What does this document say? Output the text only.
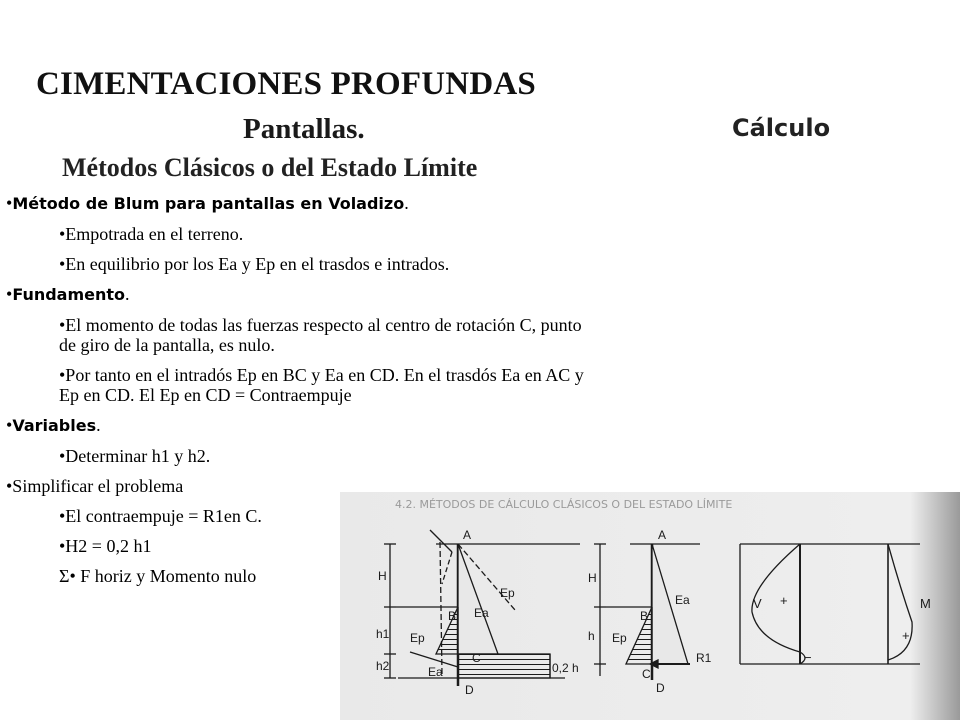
CIMENTACIONES PROFUNDAS
Pantallas.	Cálculo
Métodos Clásicos o del Estado Límite
•Método de Blum para pantallas en Voladizo.
•Empotrada en el terreno.
•En equilibrio por los Ea y Ep en el trasdos e intrados.
•Fundamento.
•El momento de todas las fuerzas respecto al centro de rotación C, punto de giro de la pantalla, es nulo.
•Por tanto en el intradós Ep en BC y Ea en CD. En el trasdós Ea en AC y Ep en CD. El Ep en CD = Contraempuje
•Variables.
•Determinar h1 y h2.
•Simplificar el problema
•El contraempuje = R1en C.
•H2 = 0,2 h1
Σ• F horiz y Momento nulo
4.2. MÉTODOS DE CÁLCULO CLÁSICOS O DEL ESTADO LÍMITE
A
B
C
D
H
h1
h2
Ep
Ea
Ep
Ea	0,2 h
A
B
C
D
H
h
Ea
Ep
R1
V +
−
M
+
